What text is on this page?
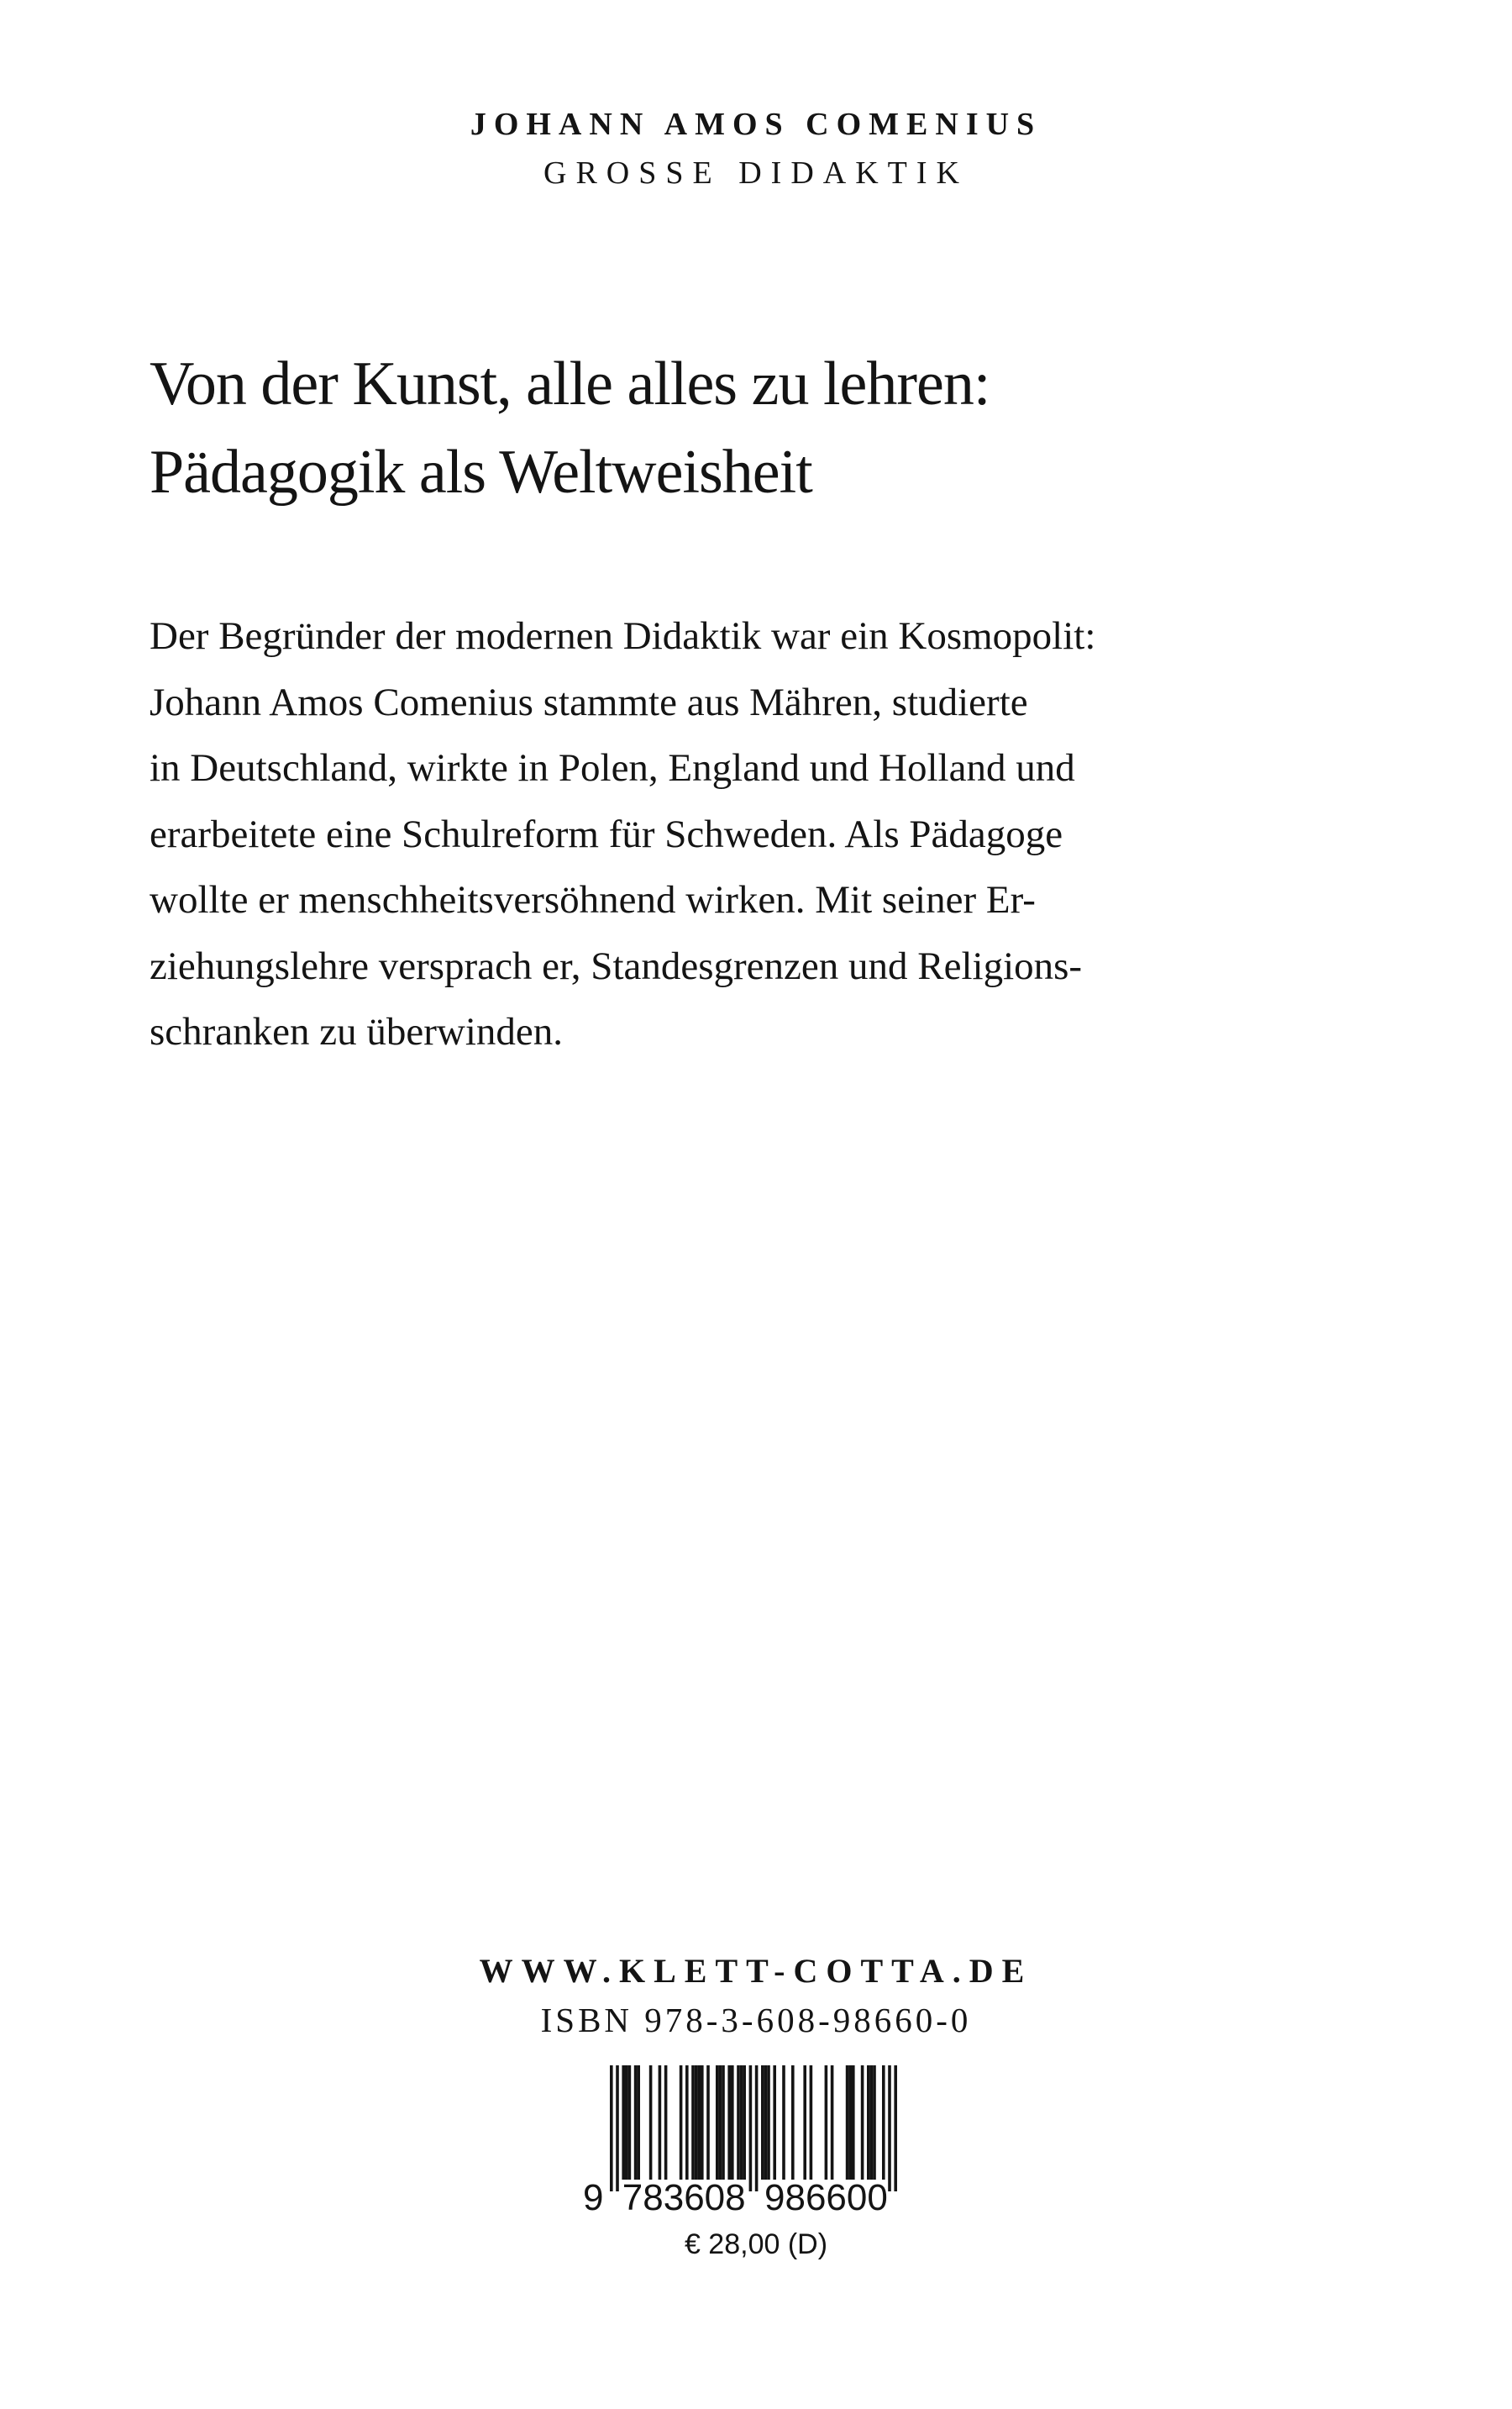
JOHANN AMOS COMENIUS
GROSSE DIDAKTIK
Von der Kunst, alle alles zu lehren:
Pädagogik als Weltweisheit
Der Begründer der modernen Didaktik war ein Kosmopolit:
Johann Amos Comenius stammte aus Mähren, studierte
in Deutschland, wirkte in Polen, England und Holland und
erarbeitete eine Schulreform für Schweden. Als Pädagoge
wollte er menschheitsversöhnend wirken. Mit seiner Er-
ziehungslehre versprach er, Standesgrenzen und Religions-
schranken zu überwinden.
WWW.KLETT-COTTA.DE
ISBN 978-3-608-98660-0
9 783608 986600
€ 28,00 (D)
